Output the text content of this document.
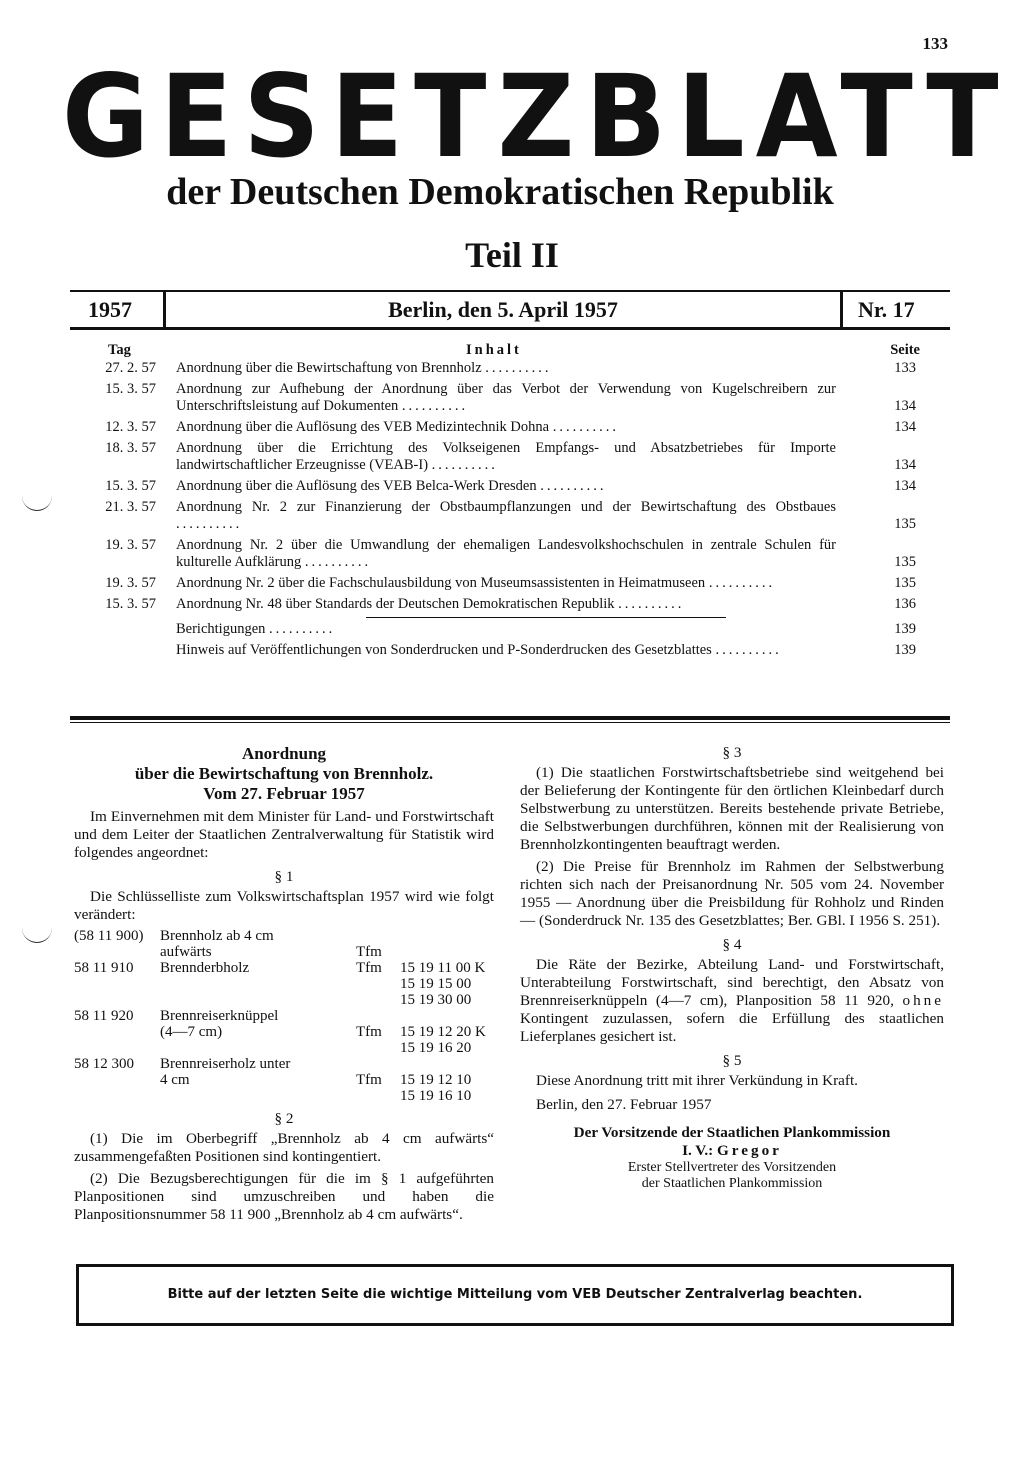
133
GESETZBLATT
der Deutschen Demokratischen Republik
Teil II
1957	Berlin, den 5. April 1957	Nr. 17
Tag	Inhalt	Seite
27. 2. 57 Anordnung über die Bewirtschaftung von Brennholz ..........	133
15. 3. 57 Anordnung zur Aufhebung der Anordnung über das Verbot der Verwendung von Kugelschreibern zur Unterschriftsleistung auf Dokumenten ..........	134
12. 3. 57 Anordnung über die Auflösung des VEB Medizintechnik Dohna ..........	134
18. 3. 57 Anordnung über die Errichtung des Volkseigenen Empfangs- und Absatzbetriebes für Importe landwirtschaftlicher Erzeugnisse (VEAB-I) ..........	134
15. 3. 57 Anordnung über die Auflösung des VEB Belca-Werk Dresden ..........	134
21. 3. 57 Anordnung Nr. 2 zur Finanzierung der Obstbaumpflanzungen und der Bewirtschaftung des Obstbaues ..........	135
19. 3. 57 Anordnung Nr. 2 über die Umwandlung der ehemaligen Landesvolkshochschulen in zentrale Schulen für kulturelle Aufklärung ..........	135
19. 3. 57 Anordnung Nr. 2 über die Fachschulausbildung von Museumsassistenten in Heimatmuseen ..........	135
15. 3. 57 Anordnung Nr. 48 über Standards der Deutschen Demokratischen Republik ..........	136
Berichtigungen ..........	139
Hinweis auf Veröffentlichungen von Sonderdrucken und P-Sonderdrucken des Gesetzblattes ..........	139
Anordnung
über die Bewirtschaftung von Brennholz.
Vom 27. Februar 1957

Im Einvernehmen mit dem Minister für Land- und Forstwirtschaft und dem Leiter der Staatlichen Zentralverwaltung für Statistik wird folgendes angeordnet:

§ 1

Die Schlüsselliste zum Volkswirtschaftsplan 1957 wird wie folgt verändert:

(58 11 900)	Brennholz ab 4 cm		
	aufwärts	Tfm	
58 11 910	Brennderbholz	Tfm	15 19 11 00 K
			15 19 15 00
			15 19 30 00
58 11 920	Brennreiserknüppel		
	(4—7 cm)	Tfm	15 19 12 20 K
			15 19 16 20
58 12 300	Brennreiserholz unter		
	4 cm	Tfm	15 19 12 10
			15 19 16 10
§ 2

(1) Die im Oberbegriff „Brennholz ab 4 cm aufwärts“ zusammengefaßten Positionen sind kontingentiert.

(2) Die Bezugsberechtigungen für die im § 1 aufgeführten Planpositionen sind umzuschreiben und haben die Planpositionsnummer 58 11 900 „Brennholz ab 4 cm aufwärts“.

§ 3

(1) Die staatlichen Forstwirtschaftsbetriebe sind weitgehend bei der Belieferung der Kontingente für den örtlichen Kleinbedarf durch Selbstwerbung zu unterstützen. Bereits bestehende private Betriebe, die Selbstwerbungen durchführen, können mit der Realisierung von Brennholzkontingenten beauftragt werden.

(2) Die Preise für Brennholz im Rahmen der Selbstwerbung richten sich nach der Preisanordnung Nr. 505 vom 24. November 1955 — Anordnung über die Preisbildung für Rohholz und Rinden — (Sonderdruck Nr. 135 des Gesetzblattes; Ber. GBl. I 1956 S. 251).

§ 4

Die Räte der Bezirke, Abteilung Land- und Forstwirtschaft, Unterabteilung Forstwirtschaft, sind berechtigt, den Absatz von Brennreiserknüppeln (4—7 cm), Planposition 58 11 920, ohne Kontingent zuzulassen, sofern die Erfüllung des staatlichen Lieferplanes gesichert ist.

§ 5

Diese Anordnung tritt mit ihrer Verkündung in Kraft.

Berlin, den 27. Februar 1957

Der Vorsitzende der Staatlichen Plankommission
I. V.: Gregor
Erster Stellvertreter des Vorsitzenden
der Staatlichen Plankommission
Bitte auf der letzten Seite die wichtige Mitteilung vom VEB Deutscher Zentralverlag beachten.
